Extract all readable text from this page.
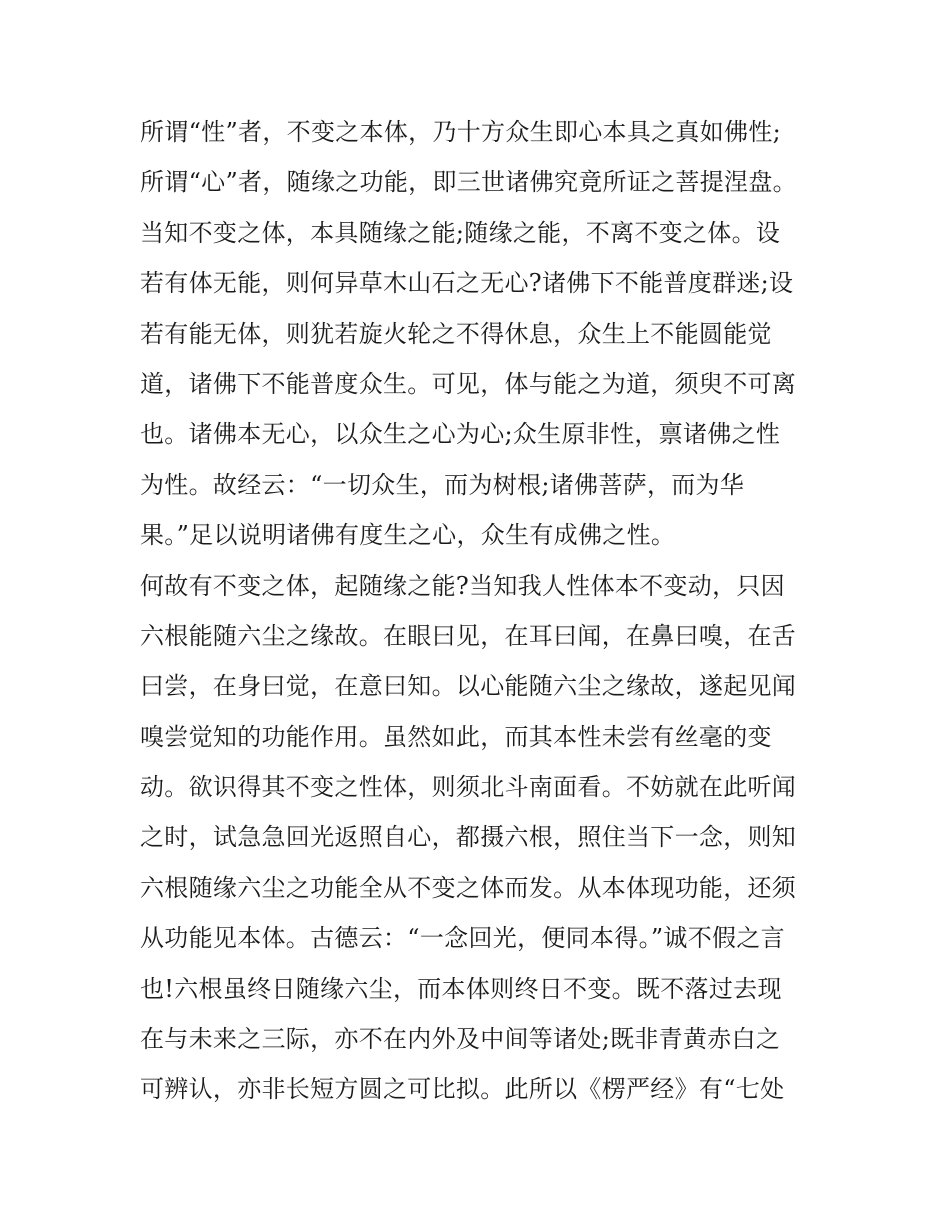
所谓“性”者，不变之本体，乃十方众生即心本具之真如佛性;
所谓“心”者，随缘之功能，即三世诸佛究竟所证之菩提涅盘。
当知不变之体，本具随缘之能;随缘之能，不离不变之体。设
若有体无能，则何异草木山石之无心?诸佛下不能普度群迷;设
若有能无体，则犹若旋火轮之不得休息，众生上不能圆能觉
道，诸佛下不能普度众生。可见，体与能之为道，须臾不可离
也。诸佛本无心，以众生之心为心;众生原非性，禀诸佛之性
为性。故经云：“一切众生，而为树根;诸佛菩萨，而为华
果。”足以说明诸佛有度生之心，众生有成佛之性。
何故有不变之体，起随缘之能?当知我人性体本不变动，只因
六根能随六尘之缘故。在眼曰见，在耳曰闻，在鼻曰嗅，在舌
曰尝，在身曰觉，在意曰知。以心能随六尘之缘故，遂起见闻
嗅尝觉知的功能作用。虽然如此，而其本性未尝有丝毫的变
动。欲识得其不变之性体，则须北斗南面看。不妨就在此听闻
之时，试急急回光返照自心，都摄六根，照住当下一念，则知
六根随缘六尘之功能全从不变之体而发。从本体现功能，还须
从功能见本体。古德云：“一念回光，便同本得。”诚不假之言
也!六根虽终日随缘六尘，而本体则终日不变。既不落过去现
在与未来之三际，亦不在内外及中间等诸处;既非青黄赤白之
可辨认，亦非长短方圆之可比拟。此所以《楞严经》有“七处
